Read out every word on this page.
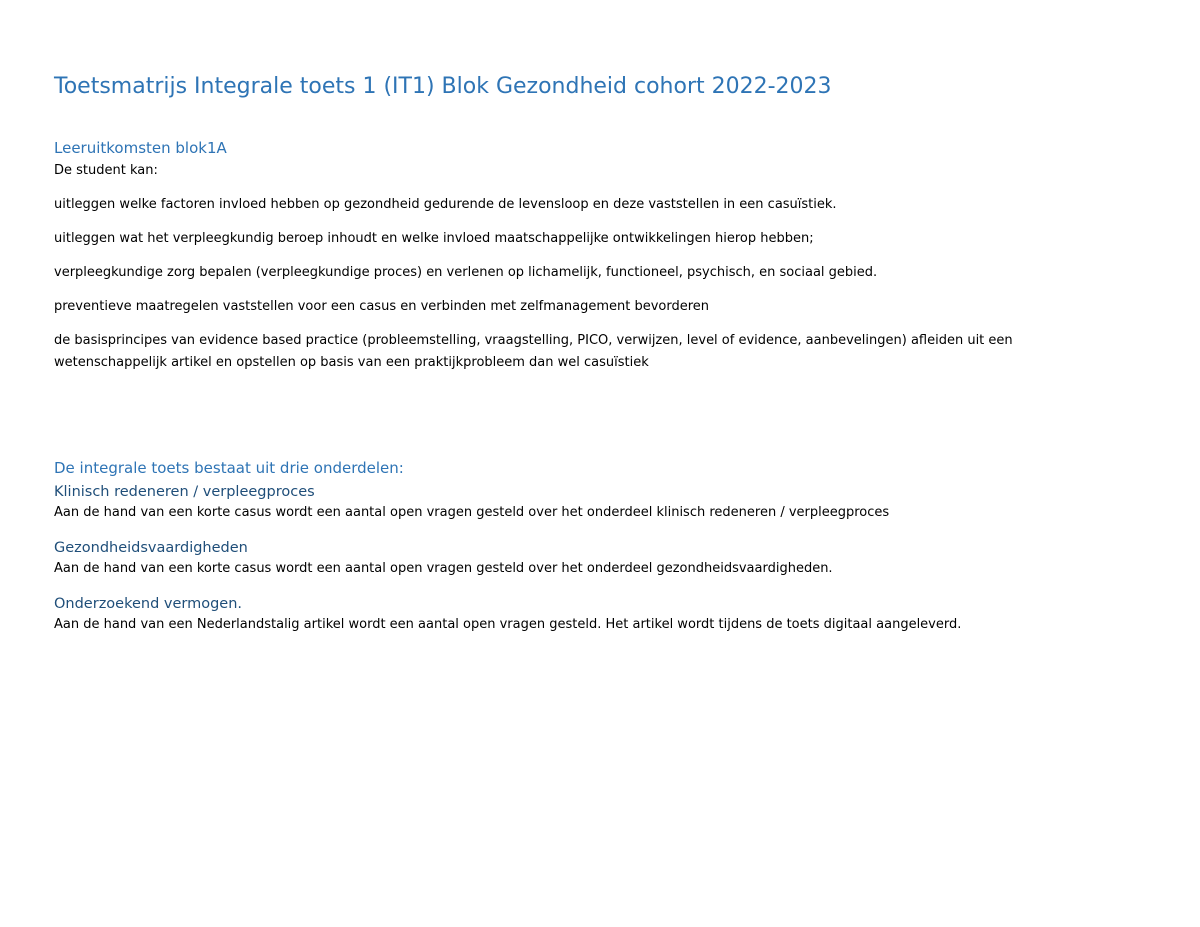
Toetsmatrijs Integrale toets 1 (IT1) Blok Gezondheid cohort 2022-2023
Leeruitkomsten blok1A

De student kan:

uitleggen welke factoren invloed hebben op gezondheid gedurende de levensloop en deze vaststellen in een casuïstiek.
uitleggen wat het verpleegkundig beroep inhoudt en welke invloed maatschappelijke ontwikkelingen hierop hebben;
verpleegkundige zorg bepalen (verpleegkundige proces) en verlenen op lichamelijk, functioneel, psychisch, en sociaal gebied.
preventieve maatregelen vaststellen voor een casus en verbinden met zelfmanagement bevorderen
de basisprincipes van evidence based practice (probleemstelling, vraagstelling, PICO, verwijzen, level of evidence, aanbevelingen) afleiden uit een wetenschappelijk artikel en opstellen op basis van een praktijkprobleem dan wel casuïstiek
De integrale toets bestaat uit drie onderdelen:
Klinisch redeneren / verpleegproces

Aan de hand van een korte casus wordt een aantal open vragen gesteld over het onderdeel klinisch redeneren / verpleegproces

Gezondheidsvaardigheden

Aan de hand van een korte casus wordt een aantal open vragen gesteld over het onderdeel gezondheidsvaardigheden.

Onderzoekend vermogen.

Aan de hand van een Nederlandstalig artikel wordt een aantal open vragen gesteld. Het artikel wordt tijdens de toets digitaal aangeleverd.
